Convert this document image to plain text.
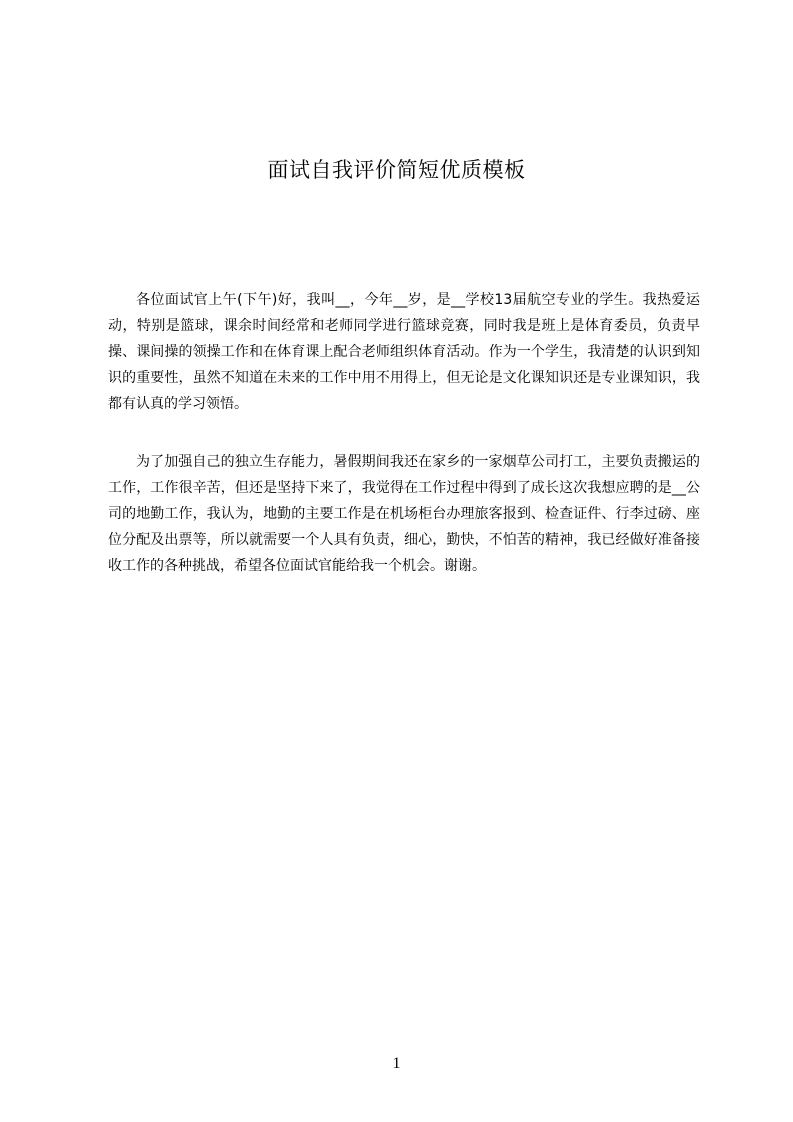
面试自我评价简短优质模板

各位面试官上午(下午)好，我叫__，今年__岁，是__学校13届航空专业的学生。我热爱运动，特别是篮球，课余时间经常和老师同学进行篮球竞赛，同时我是班上是体育委员，负责早操、课间操的领操工作和在体育课上配合老师组织体育活动。作为一个学生，我清楚的认识到知识的重要性，虽然不知道在未来的工作中用不用得上，但无论是文化课知识还是专业课知识，我都有认真的学习领悟。

为了加强自己的独立生存能力，暑假期间我还在家乡的一家烟草公司打工，主要负责搬运的工作，工作很辛苦，但还是坚持下来了，我觉得在工作过程中得到了成长这次我想应聘的是__公司的地勤工作，我认为，地勤的主要工作是在机场柜台办理旅客报到、检查证件、行李过磅、座位分配及出票等，所以就需要一个人具有负责，细心，勤快，不怕苦的精神，我已经做好准备接收工作的各种挑战，希望各位面试官能给我一个机会。谢谢。

1
